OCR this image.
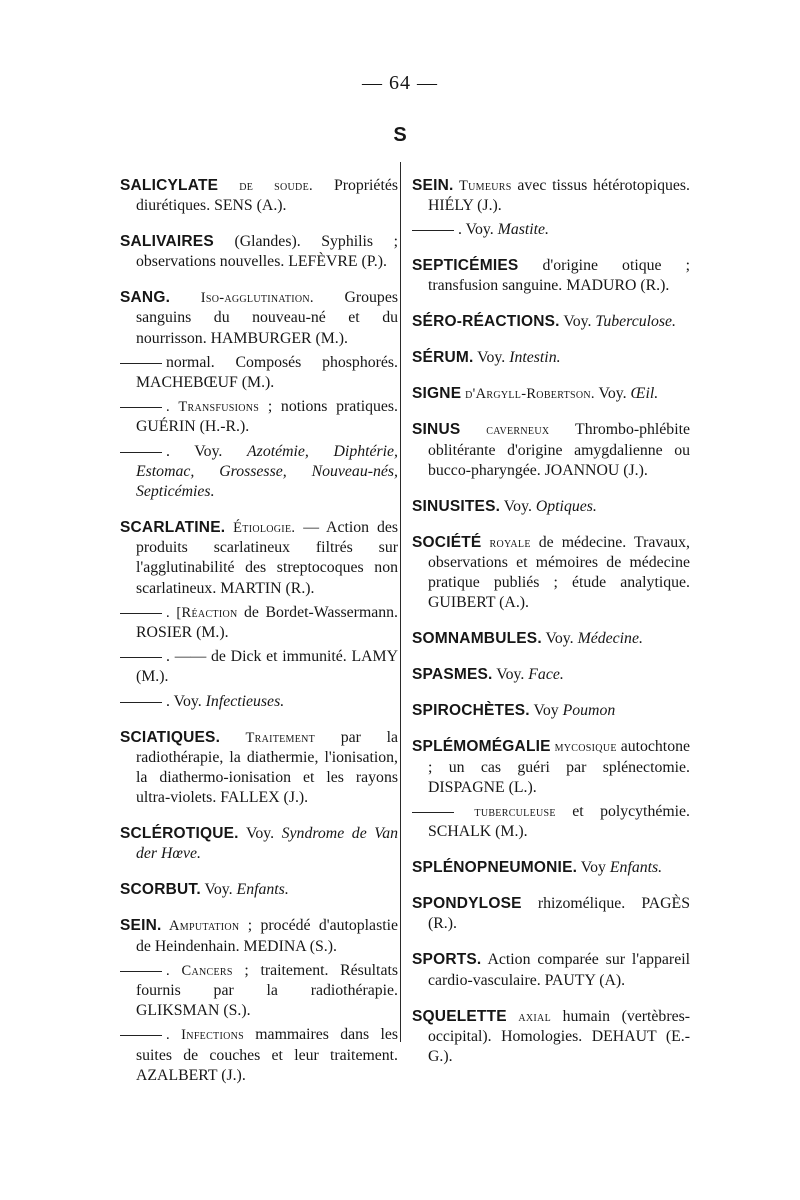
— 64 —
S

SALICYLATE de soude. Propriétés diurétiques. SENS (A.).

SALIVAIRES (Glandes). Syphilis ; observations nouvelles. LEFÈVRE (P.).

SANG. Iso-agglutination. Groupes sanguins du nouveau-né et du nourrisson. HAMBURGER (M.).

normal. Composés phosphorés. MACHEBŒUF (M.).

. Transfusions ; notions pratiques. GUÉRIN (H.-R.).

. Voy. Azotémie, Diphtérie, Estomac, Grossesse, Nouveau-nés, Septicémies.

SCARLATINE. Étiologie. — Action des produits scarlatineux filtrés sur l'agglutinabilité des streptocoques non scarlatineux. MARTIN (R.).

. [Réaction de Bordet-Wassermann. ROSIER (M.).

. —— de Dick et immunité. LAMY (M.).

. Voy. Infectieuses.

SCIATIQUES. Traitement par la radiothérapie, la diathermie, l'ionisation, la diathermo-ionisation et les rayons ultra-violets. FALLEX (J.).

SCLÉROTIQUE. Voy. Syndrome de Van der Hœve.

SCORBUT. Voy. Enfants.

SEIN. Amputation ; procédé d'autoplastie de Heindenhain. MEDINA (S.).

. Cancers ; traitement. Résultats fournis par la radiothérapie. GLIKSMAN (S.).

. Infections mammaires dans les suites de couches et leur traitement. AZALBERT (J.).

SEIN. Tumeurs avec tissus hétérotopiques. HIÉLY (J.).

. Voy. Mastite.

SEPTICÉMIES d'origine otique ; transfusion sanguine. MADURO (R.).

SÉRO-RÉACTIONS. Voy. Tuberculose.

SÉRUM. Voy. Intestin.

SIGNE d'Argyll-Robertson. Voy. Œil.

SINUS caverneux Thrombo-phlébite oblitérante d'origine amygdalienne ou bucco-pharyngée. JOANNOU (J.).

SINUSITES. Voy. Optiques.

SOCIÉTÉ royale de médecine. Travaux, observations et mémoires de médecine pratique publiés ; étude analytique. GUIBERT (A.).

SOMNAMBULES. Voy. Médecine.

SPASMES. Voy. Face.

SPIROCHÈTES. Voy Poumon

SPLÉMOMÉGALIE mycosique autochtone ; un cas guéri par splénectomie. DISPAGNE (L.).

tuberculeuse et polycythémie. SCHALK (M.).

SPLÉNOPNEUMONIE. Voy Enfants.

SPONDYLOSE rhizomélique. PAGÈS (R.).

SPORTS. Action comparée sur l'appareil cardio-vasculaire. PAUTY (A).

SQUELETTE axial humain (vertèbres-occipital). Homologies. DEHAUT (E.-G.).
